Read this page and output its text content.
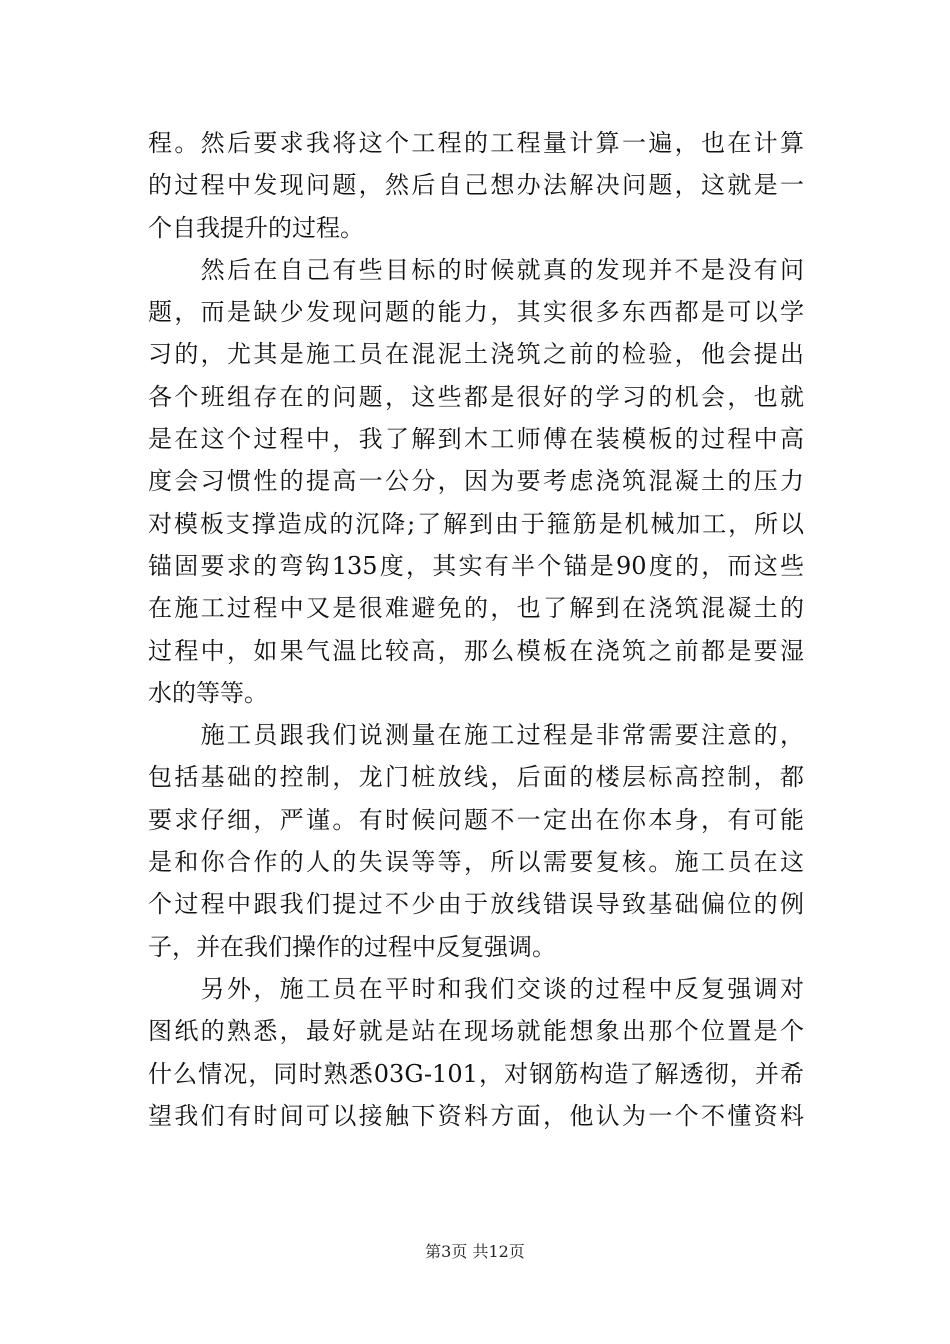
程。然后要求我将这个工程的工程量计算一遍，也在计算
的过程中发现问题，然后自己想办法解决问题，这就是一
个自我提升的过程。
　　然后在自己有些目标的时候就真的发现并不是没有问
题，而是缺少发现问题的能力，其实很多东西都是可以学
习的，尤其是施工员在混泥土浇筑之前的检验，他会提出
各个班组存在的问题，这些都是很好的学习的机会，也就
是在这个过程中，我了解到木工师傅在装模板的过程中高
度会习惯性的提高一公分，因为要考虑浇筑混凝土的压力
对模板支撑造成的沉降;了解到由于箍筋是机械加工，所以
锚固要求的弯钩135度，其实有半个锚是90度的，而这些
在施工过程中又是很难避免的，也了解到在浇筑混凝土的
过程中，如果气温比较高，那么模板在浇筑之前都是要湿
水的等等。
　　施工员跟我们说测量在施工过程是非常需要注意的，
包括基础的控制，龙门桩放线，后面的楼层标高控制，都
要求仔细，严谨。有时候问题不一定出在你本身，有可能
是和你合作的人的失误等等，所以需要复核。施工员在这
个过程中跟我们提过不少由于放线错误导致基础偏位的例
子，并在我们操作的过程中反复强调。
　　另外，施工员在平时和我们交谈的过程中反复强调对
图纸的熟悉，最好就是站在现场就能想象出那个位置是个
什么情况，同时熟悉03G-101，对钢筋构造了解透彻，并希
望我们有时间可以接触下资料方面，他认为一个不懂资料
第3页 共12页
